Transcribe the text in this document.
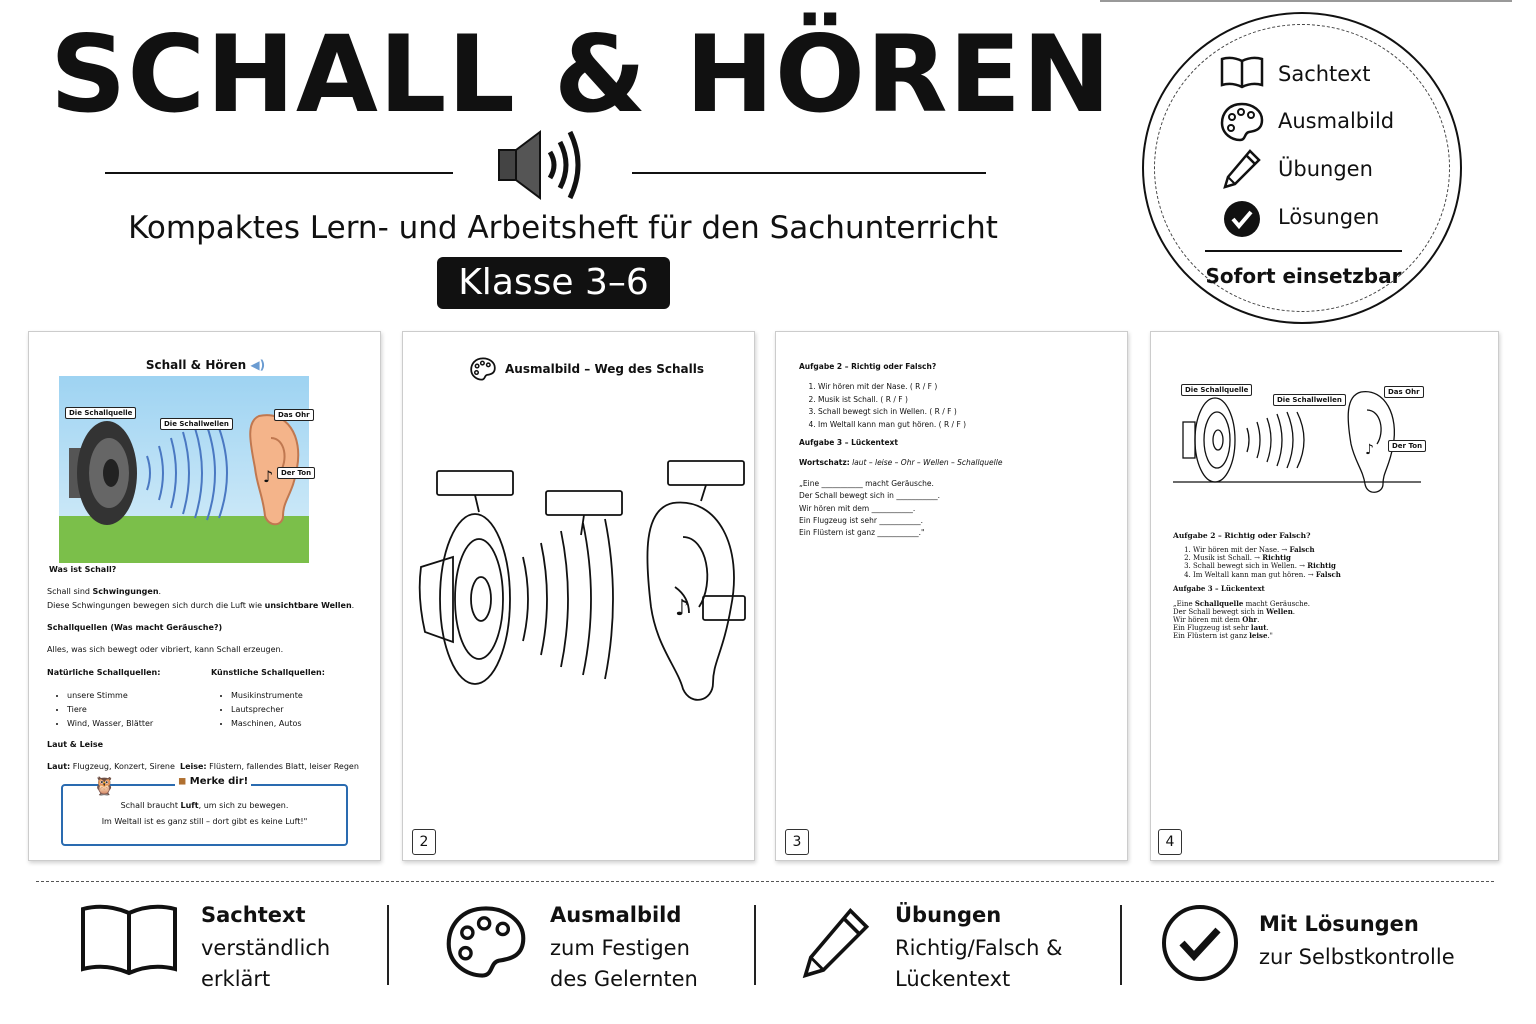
SCHALL & HÖREN
Kompaktes Lern- und Arbeitsheft für den Sachunterricht
Klasse 3–6
Sachtext
Ausmalbild
Übungen
Lösungen
Sofort einsetzbar
Schall & Hören ◀︎)
♪
Die Schallquelle
Die Schallwellen
Das Ohr
Der Ton
Was ist Schall?
Schall sind Schwingungen.
Diese Schwingungen bewegen sich durch die Luft wie unsichtbare Wellen.
Schallquellen (Was macht Geräusche?)
Alles, was sich bewegt oder vibriert, kann Schall erzeugen.
Natürliche Schallquellen:	Künstliche Schallquellen:
• unsere Stimme
• Tiere
• Wind, Wasser, Blätter
• Musikinstrumente
• Lautsprecher
• Maschinen, Autos
Laut & Leise
Laut: Flugzeug, Konzert, Sirene Leise: Flüstern, fallendes Blatt, leiser Regen
🦉	◼︎ Merke dir!
Schall braucht Luft, um sich zu bewegen.
Im Weltall ist es ganz still – dort gibt es keine Luft!"
Ausmalbild – Weg des Schalls
♪
2
Aufgabe 2 – Richtig oder Falsch?
1. Wir hören mit der Nase. ( R / F )
2. Musik ist Schall. ( R / F )
3. Schall bewegt sich in Wellen. ( R / F )
4. Im Weltall kann man gut hören. ( R / F )
Aufgabe 3 – Lückentext
Wortschatz: laut – leise – Ohr – Wellen – Schallquelle
„Eine ___________ macht Geräusche.
Der Schall bewegt sich in ___________.
Wir hören mit dem ___________.
Ein Flugzeug ist sehr ___________.
Ein Flüstern ist ganz ___________."
3
♪
Die Schallquelle
Die Schallwellen
Das Ohr
Der Ton
Aufgabe 2 – Richtig oder Falsch?
1. Wir hören mit der Nase. → Falsch
2. Musik ist Schall. → Richtig
3. Schall bewegt sich in Wellen. → Richtig
4. Im Weltall kann man gut hören. → Falsch
Aufgabe 3 – Lückentext
„Eine Schallquelle macht Geräusche.
Der Schall bewegt sich in Wellen.
Wir hören mit dem Ohr.
Ein Flugzeug ist sehr laut.
Ein Flüstern ist ganz leise."
4
Sachtext
verständlich
erklärt
Ausmalbild
zum Festigen
des Gelernten
Übungen
Richtig/Falsch &
Lückentext
Mit Lösungen
zur Selbstkontrolle
